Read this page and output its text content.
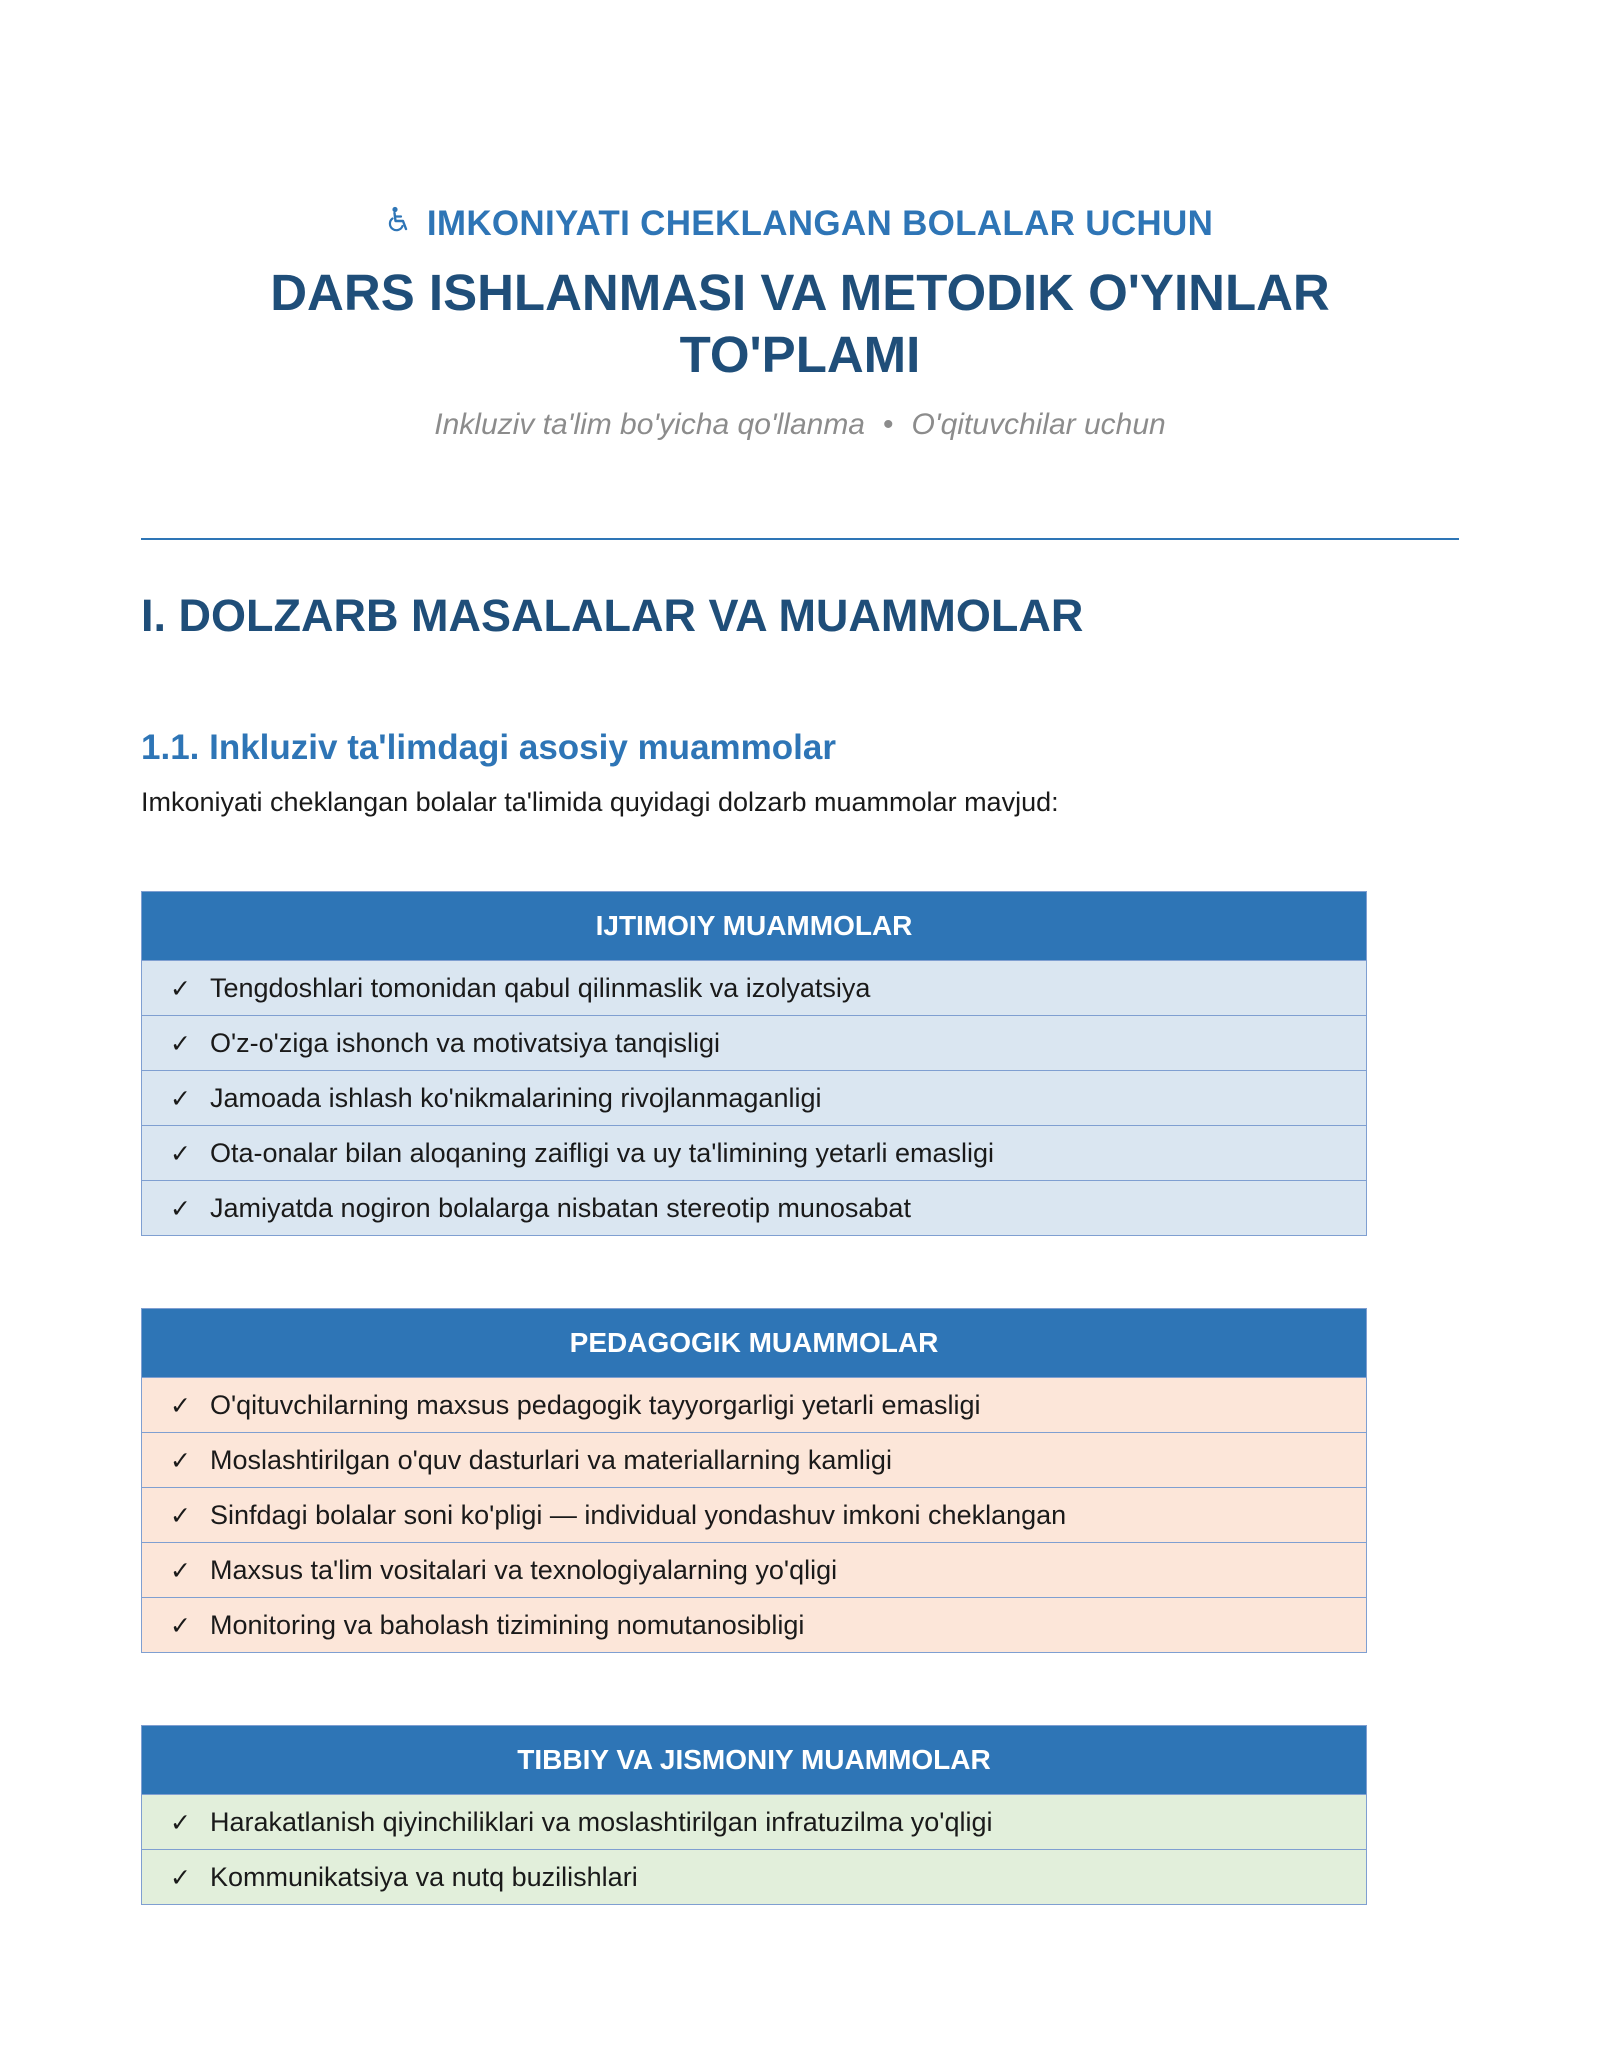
IMKONIYATI CHEKLANGAN BOLALAR UCHUN
DARS ISHLANMASI VA METODIK O'YINLAR TO'PLAMI
Inkluziv ta'lim bo'yicha qo'llanma • O'qituvchilar uchun
I. DOLZARB MASALALAR VA MUAMMOLAR
1.1. Inkluziv ta'limdagi asosiy muammolar
Imkoniyati cheklangan bolalar ta'limida quyidagi dolzarb muammolar mavjud:
IJTIMOIY MUAMMOLAR
✓ Tengdoshlari tomonidan qabul qilinmaslik va izolyatsiya
✓ O'z-o'ziga ishonch va motivatsiya tanqisligi
✓ Jamoada ishlash ko'nikmalarining rivojlanmaganligi
✓ Ota-onalar bilan aloqaning zaifligi va uy ta'limining yetarli emasligi
✓ Jamiyatda nogiron bolalarga nisbatan stereotip munosabat
PEDAGOGIK MUAMMOLAR
✓ O'qituvchilarning maxsus pedagogik tayyorgarligi yetarli emasligi
✓ Moslashtirilgan o'quv dasturlari va materiallarning kamligi
✓ Sinfdagi bolalar soni ko'pligi — individual yondashuv imkoni cheklangan
✓ Maxsus ta'lim vositalari va texnologiyalarning yo'qligi
✓ Monitoring va baholash tizimining nomutanosibligi
TIBBIY VA JISMONIY MUAMMOLAR
✓ Harakatlanish qiyinchiliklari va moslashtirilgan infratuzilma yo'qligi
✓ Kommunikatsiya va nutq buzilishlari
